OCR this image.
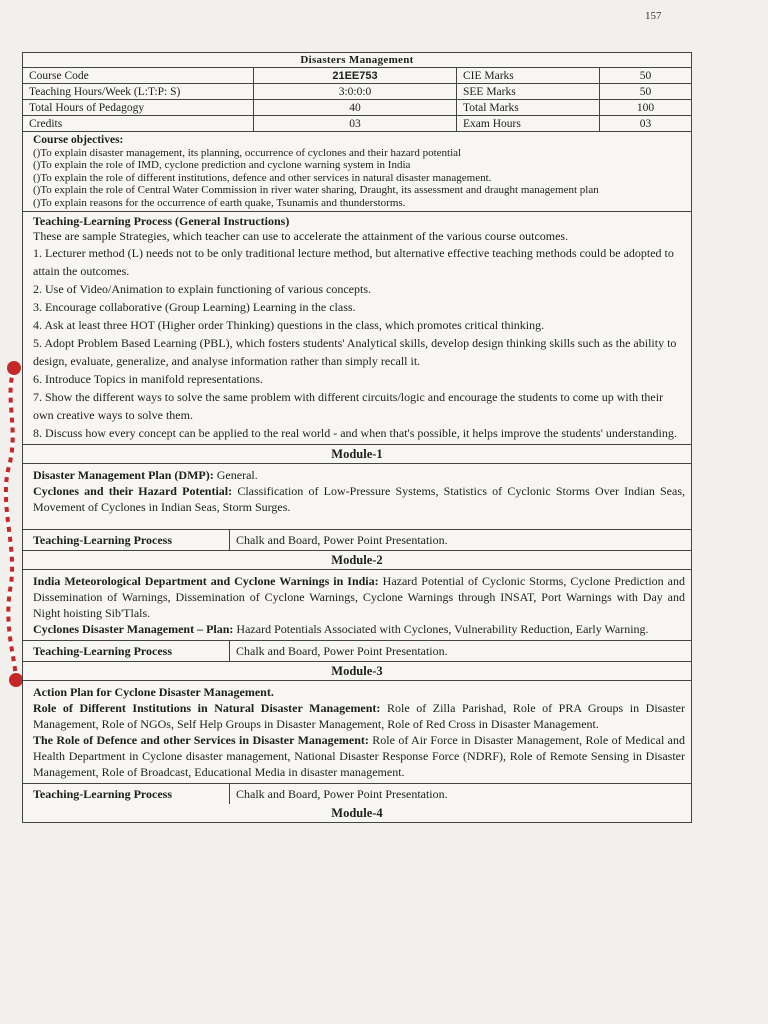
157
Disasters Management
Course Code	21EE753	CIE Marks	50
Teaching Hours/Week (L:T:P: S)	3:0:0:0	SEE Marks	50
Total Hours of Pedagogy	40	Total Marks	100
Credits	03	Exam Hours	03
Course objectives:

()To explain disaster management, its planning, occurrence of cyclones and their hazard potential

()To explain the role of IMD, cyclone prediction and cyclone warning system in India

()To explain the role of different institutions, defence and other services in natural disaster management.

()To explain the role of Central Water Commission in river water sharing, Draught, its assessment and draught management plan

()To explain reasons for the occurrence of earth quake, Tsunamis and thunderstorms.

Teaching-Learning Process (General Instructions)

These are sample Strategies, which teacher can use to accelerate the attainment of the various course outcomes.

1. Lecturer method (L) needs not to be only traditional lecture method, but alternative effective teaching methods could be adopted to attain the outcomes.

2. Use of Video/Animation to explain functioning of various concepts.

3. Encourage collaborative (Group Learning) Learning in the class.

4. Ask at least three HOT (Higher order Thinking) questions in the class, which promotes critical thinking.

5. Adopt Problem Based Learning (PBL), which fosters students' Analytical skills, develop design thinking skills such as the ability to design, evaluate, generalize, and analyse information rather than simply recall it.

6. Introduce Topics in manifold representations.

7. Show the different ways to solve the same problem with different circuits/logic and encourage the students to come up with their own creative ways to solve them.

8. Discuss how every concept can be applied to the real world - and when that's possible, it helps improve the students' understanding.

Module-1

Disaster Management Plan (DMP): General.

Cyclones and their Hazard Potential: Classification of Low-Pressure Systems, Statistics of Cyclonic Storms Over Indian Seas, Movement of Cyclones in Indian Seas, Storm Surges.

Teaching-Learning Process	Chalk and Board, Power Point Presentation.
Module-2

India Meteorological Department and Cyclone Warnings in India: Hazard Potential of Cyclonic Storms, Cyclone Prediction and Dissemination of Warnings, Dissemination of Cyclone Warnings, Cyclone Warnings through INSAT, Port Warnings with Day and Night hoisting Sib'Tlals.

Cyclones Disaster Management – Plan: Hazard Potentials Associated with Cyclones, Vulnerability Reduction, Early Warning.

Teaching-Learning Process	Chalk and Board, Power Point Presentation.
Module-3

Action Plan for Cyclone Disaster Management.

Role of Different Institutions in Natural Disaster Management: Role of Zilla Parishad, Role of PRA Groups in Disaster Management, Role of NGOs, Self Help Groups in Disaster Management, Role of Red Cross in Disaster Management.

The Role of Defence and other Services in Disaster Management: Role of Air Force in Disaster Management, Role of Medical and Health Department in Cyclone disaster management, National Disaster Response Force (NDRF), Role of Remote Sensing in Disaster Management, Role of Broadcast, Educational Media in disaster management.

Teaching-Learning Process	Chalk and Board, Power Point Presentation.
Module-4
